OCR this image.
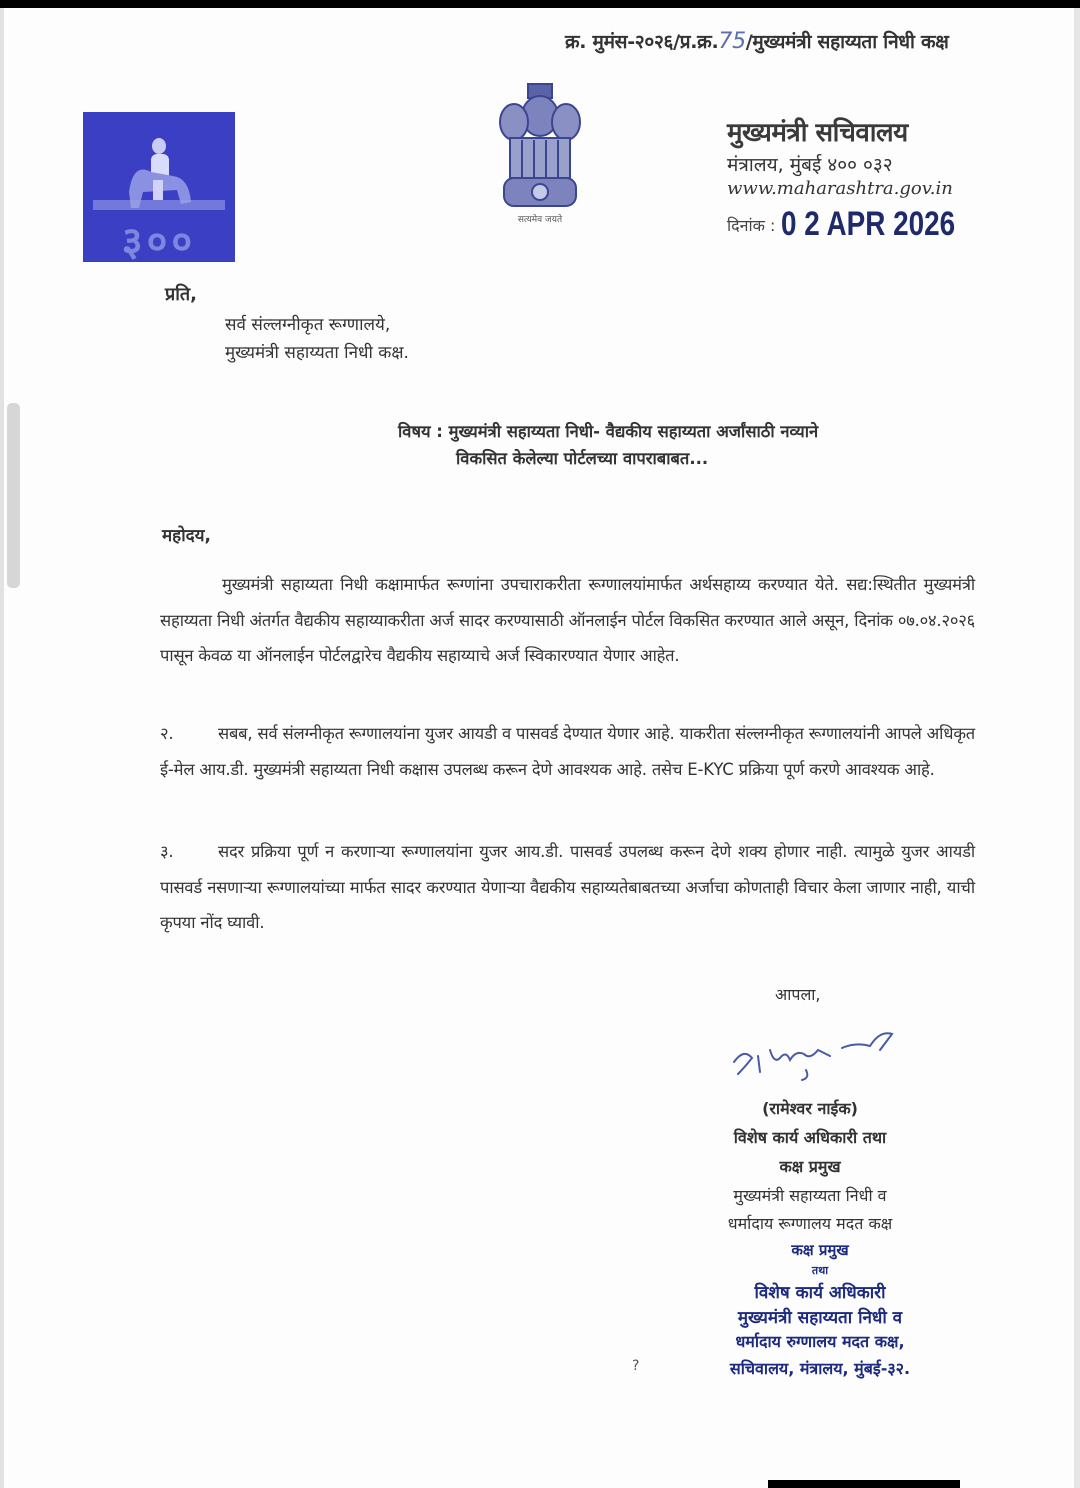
क्र. मुमंस-२०२६/प्र.क्र.75/मुख्यमंत्री सहाय्यता निधी कक्ष
३००	सत्यमेव जयते
मुख्यमंत्री सचिवालय
मंत्रालय, मुंबई ४०० ०३२
www.maharashtra.gov.in
दिनांक : 0 2 APR 2026
प्रति,
सर्व संल्लग्नीकृत रूग्णालये,
मुख्यमंत्री सहाय्यता निधी कक्ष.
विषय : मुख्यमंत्री सहाय्यता निधी- वैद्यकीय सहाय्यता अर्जांसाठी नव्याने
विकसित केलेल्या पोर्टलच्या वापराबाबत...
महोदय,
मुख्यमंत्री सहाय्यता निधी कक्षामार्फत रूग्णांना उपचाराकरीता रूग्णालयांमार्फत अर्थसहाय्य करण्यात येते. सद्य:स्थितीत मुख्यमंत्री सहाय्यता निधी अंतर्गत वैद्यकीय सहाय्याकरीता अर्ज सादर करण्यासाठी ऑनलाईन पोर्टल विकसित करण्यात आले असून, दिनांक ०७.०४.२०२६ पासून केवळ या ऑनलाईन पोर्टलद्वारेच वैद्यकीय सहाय्याचे अर्ज स्विकारण्यात येणार आहेत.
२.	सबब, सर्व संलग्नीकृत रूग्णालयांना युजर आयडी व पासवर्ड देण्यात येणार आहे. याकरीता संल्लग्नीकृत रूग्णालयांनी आपले अधिकृत ई-मेल आय.डी. मुख्यमंत्री सहाय्यता निधी कक्षास उपलब्ध करून देणे आवश्यक आहे. तसेच E-KYC प्रक्रिया पूर्ण करणे आवश्यक आहे.
३.	सदर प्रक्रिया पूर्ण न करणाऱ्या रूग्णालयांना युजर आय.डी. पासवर्ड उपलब्ध करून देणे शक्य होणार नाही. त्यामुळे युजर आयडी पासवर्ड नसणाऱ्या रूग्णालयांच्या मार्फत सादर करण्यात येणाऱ्या वैद्यकीय सहाय्यतेबाबतच्या अर्जाचा कोणताही विचार केला जाणार नाही, याची कृपया नोंद घ्यावी.
आपला,
(रामेश्वर नाईक)
विशेष कार्य अधिकारी तथा
कक्ष प्रमुख
मुख्यमंत्री सहाय्यता निधी व
धर्मादाय रूग्णालय मदत कक्ष
कक्ष प्रमुख
तथा
विशेष कार्य अधिकारी
मुख्यमंत्री सहाय्यता निधी व
धर्मादाय रुग्णालय मदत कक्ष,
सचिवालय, मंत्रालय, मुंबई-३२.
?
